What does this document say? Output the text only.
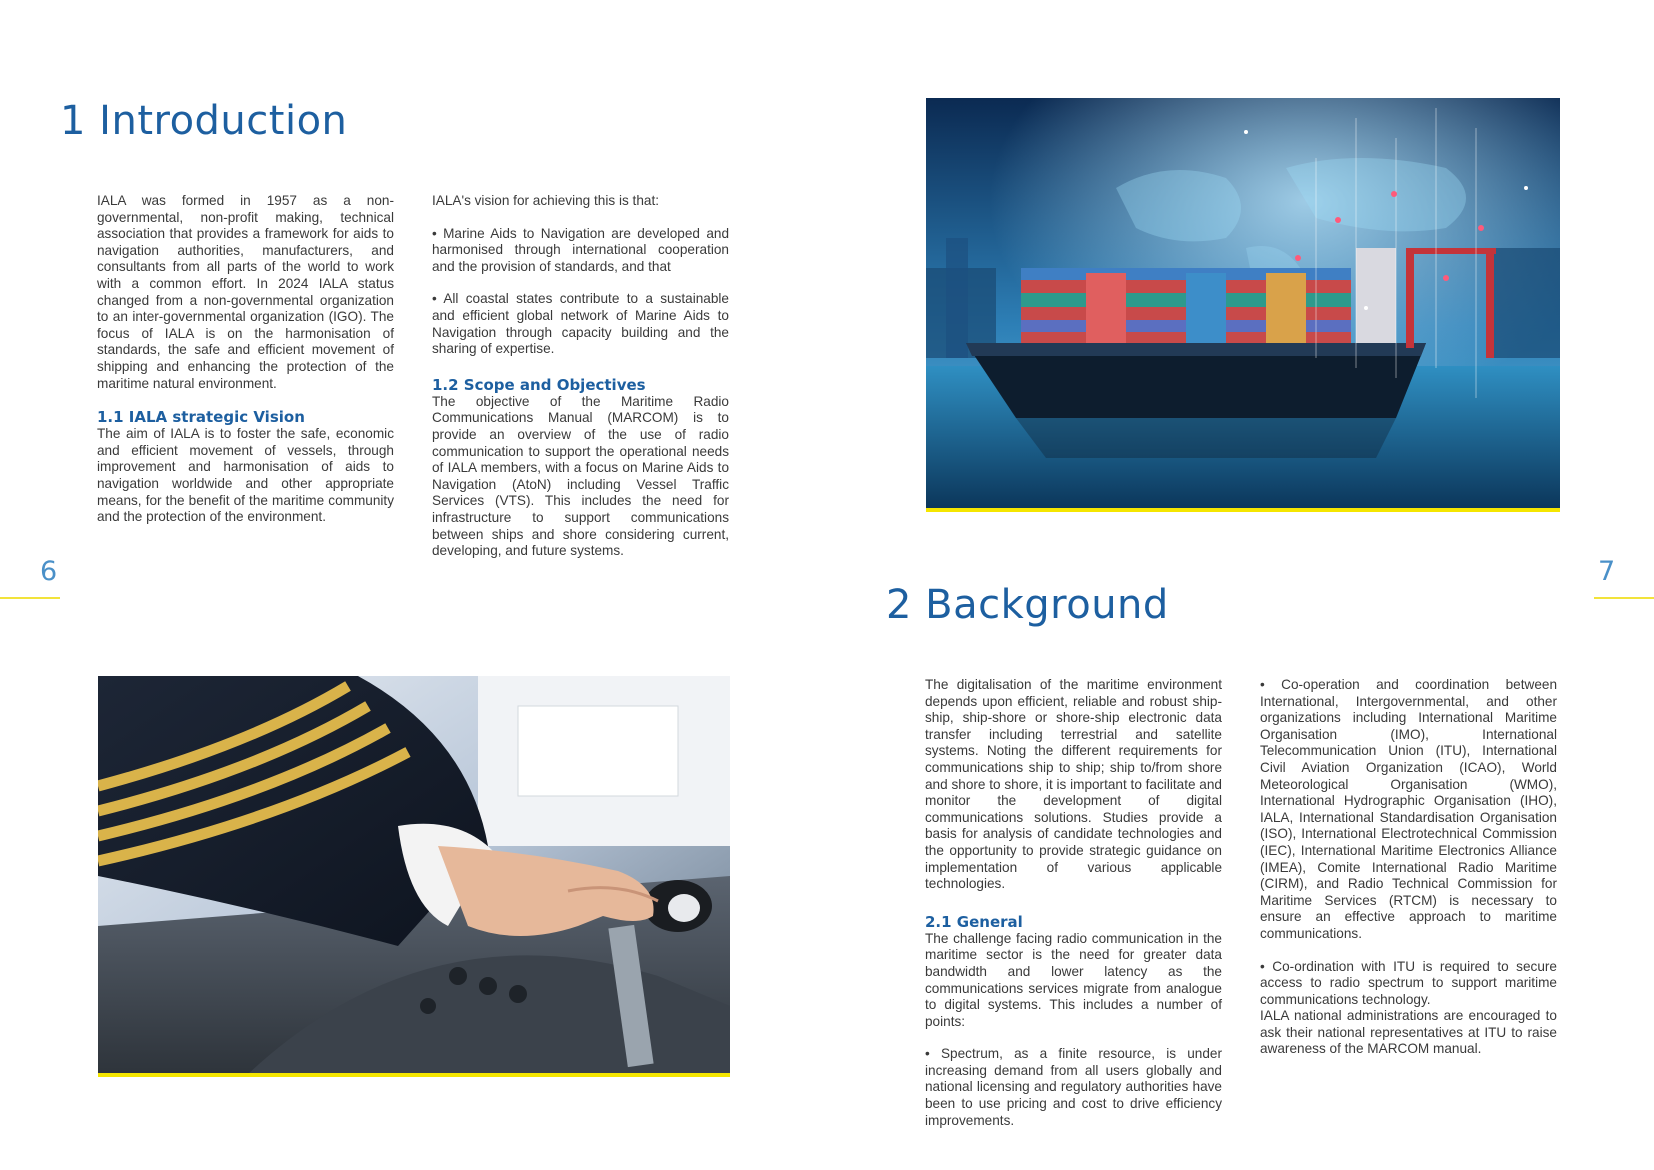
1 Introduction

IALA was formed in 1957 as a non-governmental, non-profit making, technical association that provides a framework for aids to navigation authorities, manufacturers, and consultants from all parts of the world to work with a common effort. In 2024 IALA status changed from a non-governmental organization to an inter-governmental organization (IGO). The focus of IALA is on the harmonisation of standards, the safe and efficient movement of shipping and enhancing the protection of the maritime natural environment.

1.1 IALA strategic Vision

The aim of IALA is to foster the safe, economic and efficient movement of vessels, through improvement and harmonisation of aids to navigation worldwide and other appropriate means, for the benefit of the maritime community and the protection of the environment.

IALA's vision for achieving this is that:

• Marine Aids to Navigation are developed and harmonised through international cooperation and the provision of standards, and that

• All coastal states contribute to a sustainable and efficient global network of Marine Aids to Navigation through capacity building and the sharing of expertise.

1.2 Scope and Objectives

The objective of the Maritime Radio Communications Manual (MARCOM) is to provide an overview of the use of radio communication to support the operational needs of IALA members, with a focus on Marine Aids to Navigation (AtoN) including Vessel Traffic Services (VTS). This includes the need for infrastructure to support communications between ships and shore considering current, developing, and future systems.

6	7
2 Background

The digitalisation of the maritime environment depends upon efficient, reliable and robust ship-ship, ship-shore or shore-ship electronic data transfer including terrestrial and satellite systems. Noting the different requirements for communications ship to ship; ship to/from shore and shore to shore, it is important to facilitate and monitor the development of digital communications solutions. Studies provide a basis for analysis of candidate technologies and the opportunity to provide strategic guidance on implementation of various applicable technologies.

2.1 General

The challenge facing radio communication in the maritime sector is the need for greater data bandwidth and lower latency as the communications services migrate from analogue to digital systems. This includes a number of points:

• Spectrum, as a finite resource, is under increasing demand from all users globally and national licensing and regulatory authorities have been to use pricing and cost to drive efficiency improvements.

• Co-operation and coordination between International, Intergovernmental, and other organizations including International Maritime Organisation (IMO), International Telecommunication Union (ITU), International Civil Aviation Organization (ICAO), World Meteorological Organisation (WMO), International Hydrographic Organisation (IHO), IALA, International Standardisation Organisation (ISO), International Electrotechnical Commission (IEC), International Maritime Electronics Alliance (IMEA), Comite International Radio Maritime (CIRM), and Radio Technical Commission for Maritime Services (RTCM) is necessary to ensure an effective approach to maritime communications.

• Co-ordination with ITU is required to secure access to radio spectrum to support maritime communications technology.

IALA national administrations are encouraged to ask their national representatives at ITU to raise awareness of the MARCOM manual.
